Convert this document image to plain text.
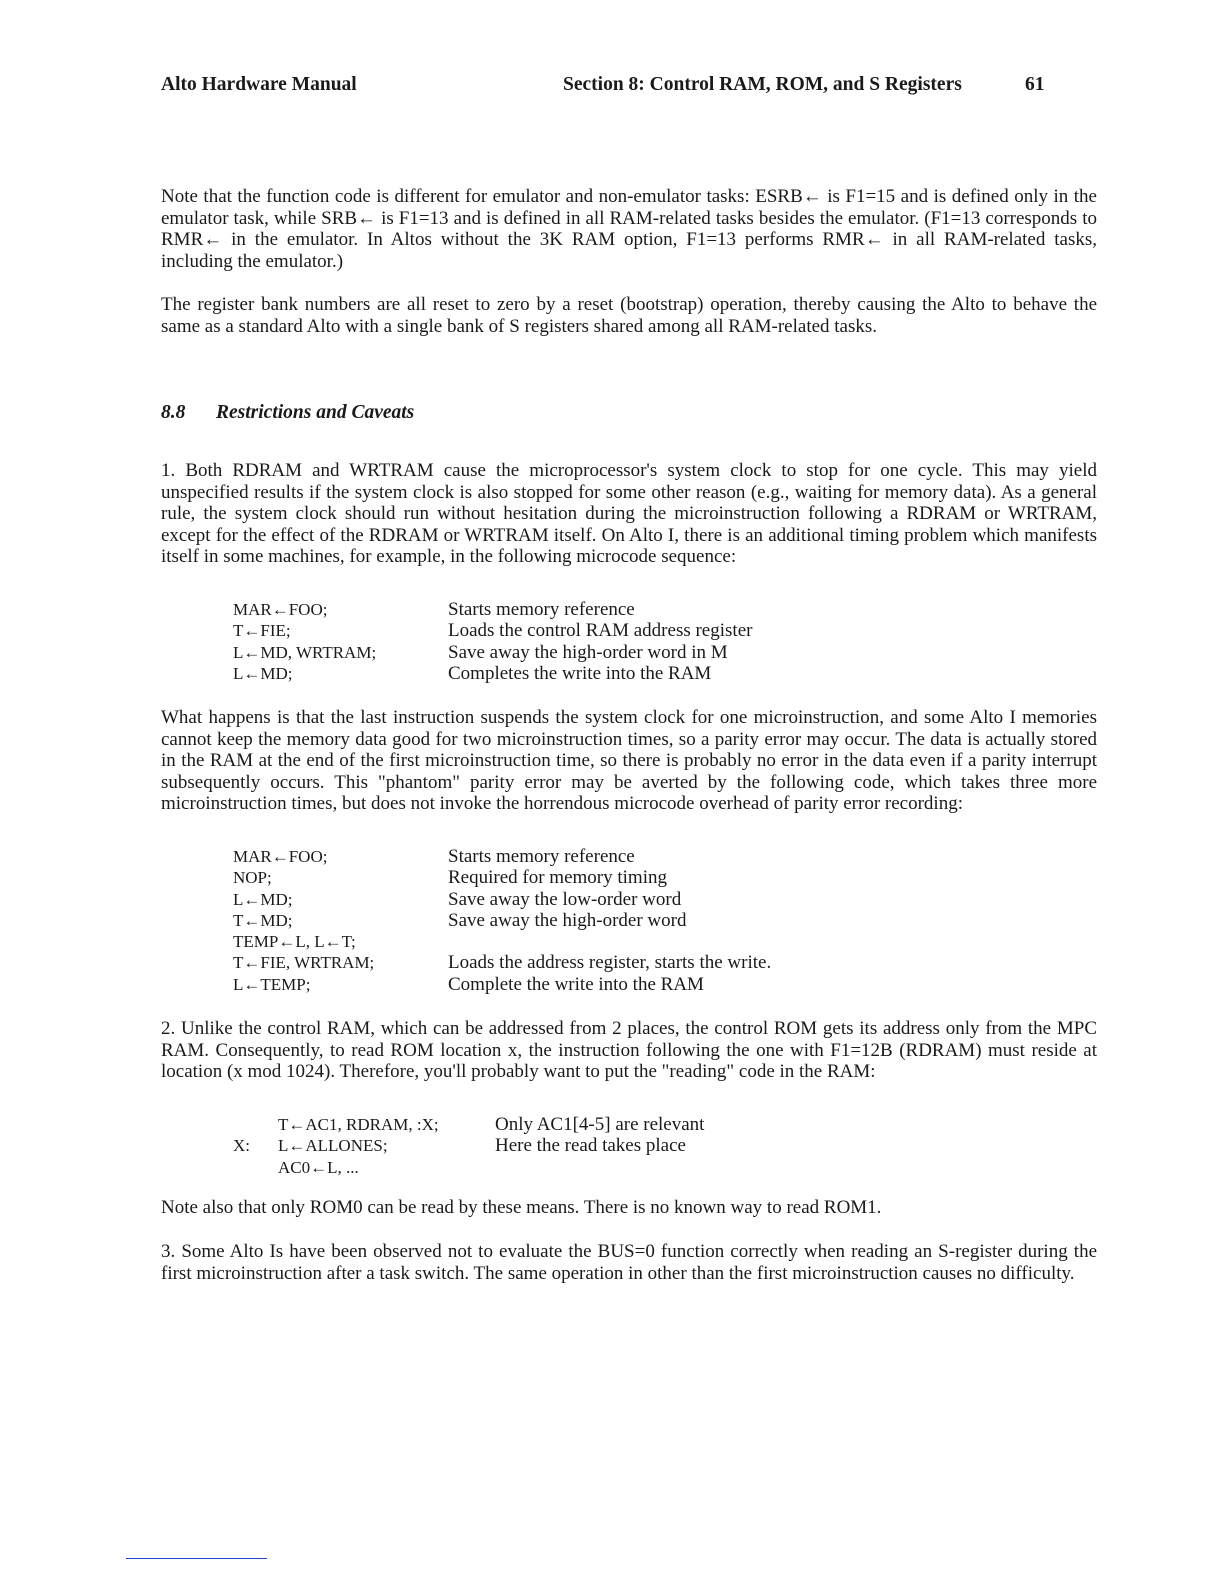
Alto Hardware Manual	Section 8: Control RAM, ROM, and S Registers	61

Note that the function code is different for emulator and non-emulator tasks: ESRB← is F1=15 and is defined only in the emulator task, while SRB← is F1=13 and is defined in all RAM-related tasks besides the emulator. (F1=13 corresponds to RMR← in the emulator. In Altos without the 3K RAM option, F1=13 performs RMR← in all RAM-related tasks, including the emulator.)

The register bank numbers are all reset to zero by a reset (bootstrap) operation, thereby causing the Alto to behave the same as a standard Alto with a single bank of S registers shared among all RAM-related tasks.

8.8 Restrictions and Caveats

1. Both RDRAM and WRTRAM cause the microprocessor's system clock to stop for one cycle. This may yield unspecified results if the system clock is also stopped for some other reason (e.g., waiting for memory data). As a general rule, the system clock should run without hesitation during the microinstruction following a RDRAM or WRTRAM, except for the effect of the RDRAM or WRTRAM itself. On Alto I, there is an additional timing problem which manifests itself in some machines, for example, in the following microcode sequence:

MAR←FOO;	Starts memory reference
T←FIE;	Loads the control RAM address register
L←MD, WRTRAM;	Save away the high-order word in M
L←MD;	Completes the write into the RAM

What happens is that the last instruction suspends the system clock for one microinstruction, and some Alto I memories cannot keep the memory data good for two microinstruction times, so a parity error may occur. The data is actually stored in the RAM at the end of the first microinstruction time, so there is probably no error in the data even if a parity interrupt subsequently occurs. This "phantom" parity error may be averted by the following code, which takes three more microinstruction times, but does not invoke the horrendous microcode overhead of parity error recording:

MAR←FOO;	Starts memory reference
NOP;	Required for memory timing
L←MD;	Save away the low-order word
T←MD;	Save away the high-order word
TEMP←L, L←T;
T←FIE, WRTRAM;	Loads the address register, starts the write.
L←TEMP;	Complete the write into the RAM

2. Unlike the control RAM, which can be addressed from 2 places, the control ROM gets its address only from the MPC RAM. Consequently, to read ROM location x, the instruction following the one with F1=12B (RDRAM) must reside at location (x mod 1024). Therefore, you'll probably want to put the "reading" code in the RAM:

T←AC1, RDRAM, :X;	Only AC1[4-5] are relevant
X: L←ALLONES;	Here the read takes place
AC0←L, ...

Note also that only ROM0 can be read by these means. There is no known way to read ROM1.

3. Some Alto Is have been observed not to evaluate the BUS=0 function correctly when reading an S-register during the first microinstruction after a task switch. The same operation in other than the first microinstruction causes no difficulty.
